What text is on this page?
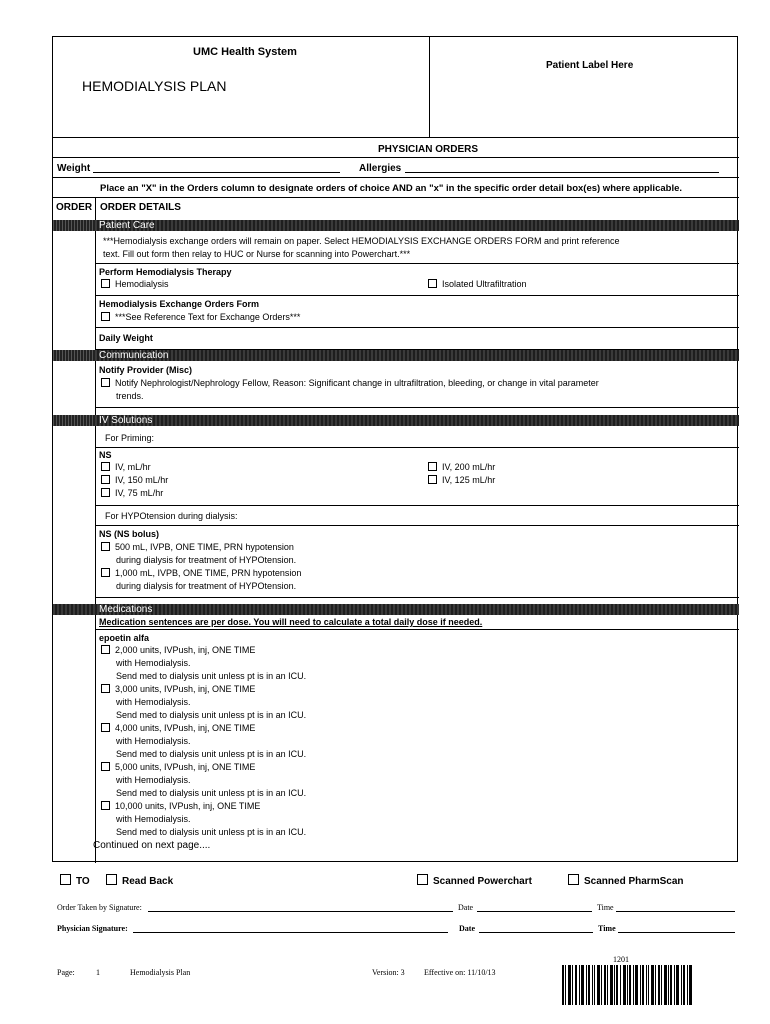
UMC Health System
HEMODIALYSIS PLAN
Patient Label Here
PHYSICIAN ORDERS
Weight	Allergies
Place an "X" in the Orders column to designate orders of choice AND an "x" in the specific order detail box(es) where applicable.
ORDER ORDER DETAILS
Patient Care
***Hemodialysis exchange orders will remain on paper. Select HEMODIALYSIS EXCHANGE ORDERS FORM and print reference
text. Fill out form then relay to HUC or Nurse for scanning into Powerchart.***
Perform Hemodialysis Therapy
Hemodialysis	Isolated Ultrafiltration
Hemodialysis Exchange Orders Form
***See Reference Text for Exchange Orders***
Daily Weight
Communication
Notify Provider (Misc)
Notify Nephrologist/Nephrology Fellow, Reason: Significant change in ultrafiltration, bleeding, or change in vital parameter
trends.
IV Solutions
For Priming:
NS
IV, mL/hr
IV, 150 mL/hr
IV, 75 mL/hr
IV, 200 mL/hr
IV, 125 mL/hr
For HYPOtension during dialysis:
NS (NS bolus)
500 mL, IVPB, ONE TIME, PRN hypotension
during dialysis for treatment of HYPOtension.
1,000 mL, IVPB, ONE TIME, PRN hypotension
during dialysis for treatment of HYPOtension.
Medications
Medication sentences are per dose. You will need to calculate a total daily dose if needed.
epoetin alfa
2,000 units, IVPush, inj, ONE TIME
with Hemodialysis.
Send med to dialysis unit unless pt is in an ICU.
3,000 units, IVPush, inj, ONE TIME
with Hemodialysis.
Send med to dialysis unit unless pt is in an ICU.
4,000 units, IVPush, inj, ONE TIME
with Hemodialysis.
Send med to dialysis unit unless pt is in an ICU.
5,000 units, IVPush, inj, ONE TIME
with Hemodialysis.
Send med to dialysis unit unless pt is in an ICU.
10,000 units, IVPush, inj, ONE TIME
with Hemodialysis.
Send med to dialysis unit unless pt is in an ICU.
Continued on next page....
TO	Read Back	Scanned Powerchart	Scanned PharmScan
Order Taken by Signature:	Date	Time
Physician Signature:	Date	Time
Page:	1	Hemodialysis Plan	Version: 3 Effective on: 11/10/13
1201
